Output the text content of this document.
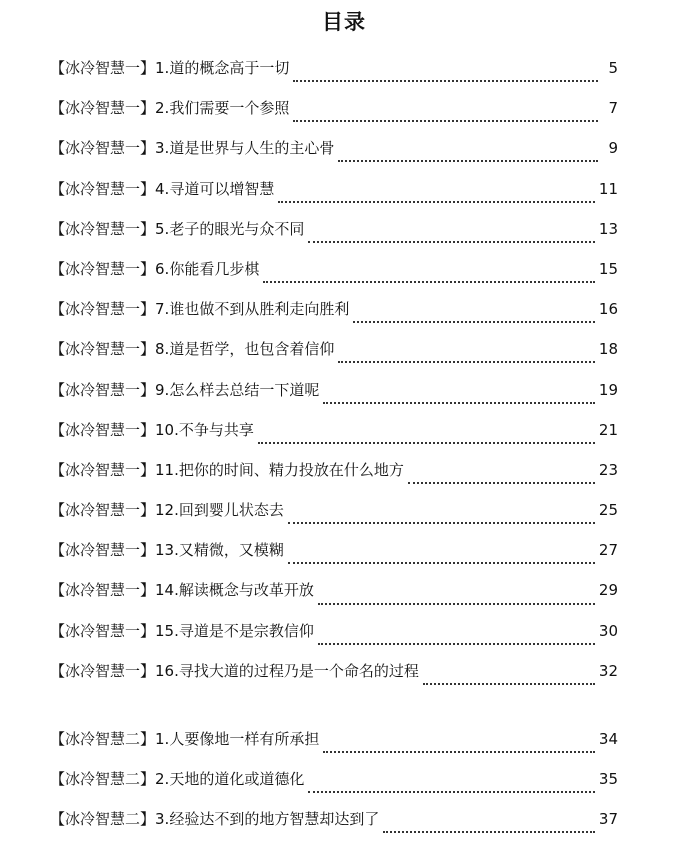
目录
【冰冷智慧一】 1.道的概念高于一切	5
【冰冷智慧一】 2.我们需要一个参照	7
【冰冷智慧一】 3.道是世界与人生的主心骨	9
【冰冷智慧一】 4.寻道可以增智慧	11
【冰冷智慧一】 5.老子的眼光与众不同	13
【冰冷智慧一】 6.你能看几步棋	15
【冰冷智慧一】 7.谁也做不到从胜利走向胜利	16
【冰冷智慧一】 8.道是哲学，也包含着信仰	18
【冰冷智慧一】 9.怎么样去总结一下道呢	19
【冰冷智慧一】 10.不争与共享	21
【冰冷智慧一】 11.把你的时间、精力投放在什么地方	23
【冰冷智慧一】 12.回到婴儿状态去	25
【冰冷智慧一】 13.又精微，又模糊	27
【冰冷智慧一】 14.解读概念与改革开放	29
【冰冷智慧一】 15.寻道是不是宗教信仰	30
【冰冷智慧一】 16.寻找大道的过程乃是一个命名的过程	32
【冰冷智慧二】 1.人要像地一样有所承担	34
【冰冷智慧二】 2.天地的道化或道德化	35
【冰冷智慧二】 3.经验达不到的地方智慧却达到了	37
